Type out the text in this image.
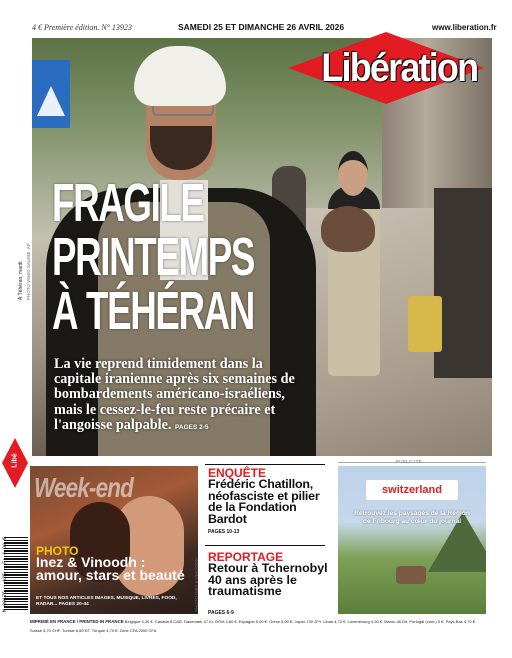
4 € Première édition. N° 13923	SAMEDI 25 ET DIMANCHE 26 AVRIL 2026	www.liberation.fr
Libération
FRAGILE
PRINTEMPS
À TÉHÉRAN

La vie reprend timidement dans la capitale iranienne après six semaines de bombardements américano-israéliens, mais le cessez-le-feu reste précaire et l'angoisse palpable. PAGES 2-5

À Téhéran, mardi. PHOTO VAHID SALEMI. AP
Libé
Week-end
PHOTO
Inez & Vinoodh : amour, stars et beauté
ET TOUS NOS ARTICLES IMAGES, MUSIQUE, LIVRES, FOOD, RADAR... PAGES 20-44	PHOTO INEZ & VINOODH
M 00175 - 425 - F: 4,00 €
ENQUÊTE
Frédéric Chatillon, néofasciste et pilier de la Fondation Bardot
PAGES 10-13
REPORTAGE
Retour à Tchernobyl 40 ans après le traumatisme
PAGES 6-9
PUBLICITÉ
switzerland
Retrouvez les paysages de la Région de Fribourg au cœur du journal
IMPRIMÉ EN FRANCE / PRINTED IN FRANCE Belgique 4,30 €. Canada 8 CAD. Danemark 47 Kr. DOM 4,60 €. Espagne 5,00 €. Grèce 5,00 €. Japon 700 JPY. Liban 4,70 €. Luxembourg 4,30 €. Maroc 48 Dh. Portugal (cont.) 5 €. Pays-Bas 4,70 €.
Suisse 5,70 CHF. Tunisie 6,60 DT. Turquie 4,70 €. Zone CFA 2000 CFA.
